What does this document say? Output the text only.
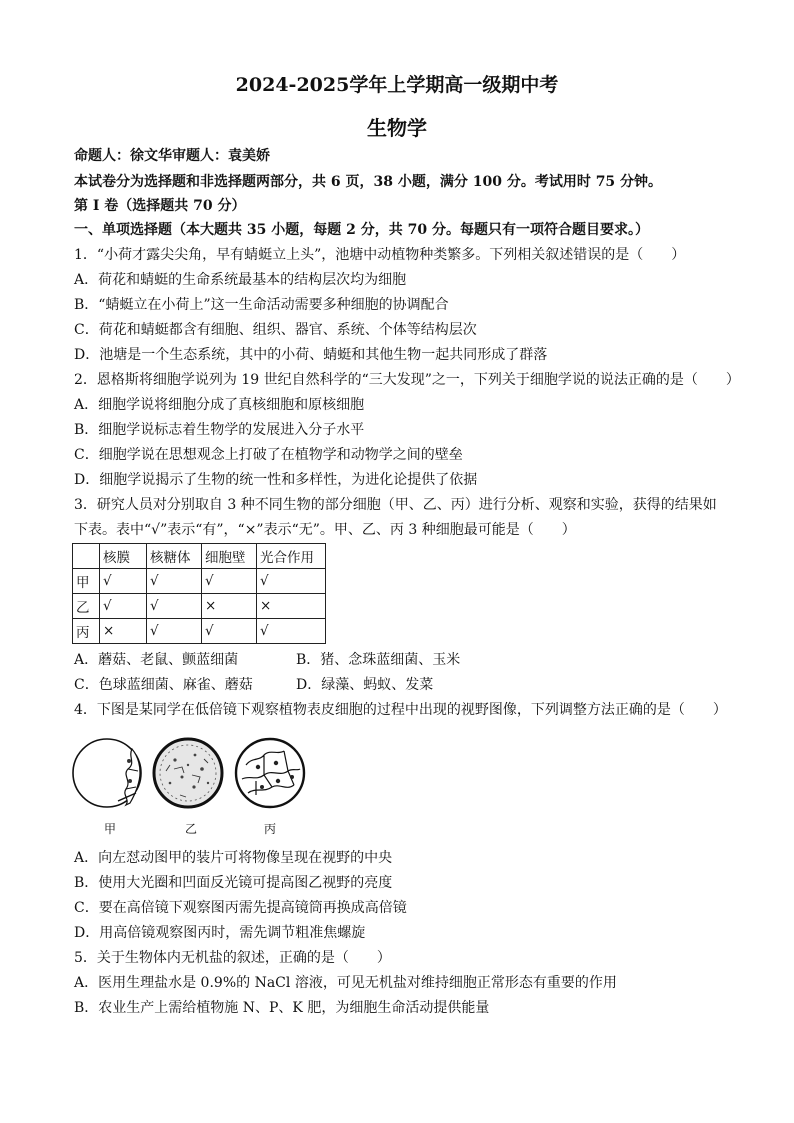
2024-2025学年上学期高一级期中考
生物学
命题人：徐文华审题人：袁美娇
本试卷分为选择题和非选择题两部分，共 6 页，38 小题，满分 100 分。考试用时 75 分钟。
第 I 卷（选择题共 70 分）
一、单项选择题（本大题共 35 小题，每题 2 分，共 70 分。每题只有一项符合题目要求。）
1．“小荷才露尖尖角，早有蜻蜓立上头”，池塘中动植物种类繁多。下列相关叙述错误的是（　　）
A．荷花和蜻蜓的生命系统最基本的结构层次均为细胞
B．“蜻蜓立在小荷上”这一生命活动需要多种细胞的协调配合
C．荷花和蜻蜓都含有细胞、组织、器官、系统、个体等结构层次
D．池塘是一个生态系统，其中的小荷、蜻蜓和其他生物一起共同形成了群落
2．恩格斯将细胞学说列为 19 世纪自然科学的“三大发现”之一，下列关于细胞学说的说法正确的是（　　）
A．细胞学说将细胞分成了真核细胞和原核细胞
B．细胞学说标志着生物学的发展进入分子水平
C．细胞学说在思想观念上打破了在植物学和动物学之间的壁垒
D．细胞学说揭示了生物的统一性和多样性，为进化论提供了依据
3．研究人员对分别取自 3 种不同生物的部分细胞（甲、乙、丙）进行分析、观察和实验，获得的结果如
下表。表中“√”表示“有”，“×”表示“无”。甲、乙、丙 3 种细胞最可能是（　　）
	核膜	核糖体	细胞壁	光合作用
甲	√	√	√	√
乙	√	√	×	×
丙	×	√	√	√
A．蘑菇、老鼠、颤蓝细菌	B．猪、念珠蓝细菌、玉米
C．色球蓝细菌、麻雀、蘑菇	D．绿藻、蚂蚁、发菜
4．下图是某同学在低倍镜下观察植物表皮细胞的过程中出现的视野图像，下列调整方法正确的是（　　）
甲	乙	丙
A．向左怼动图甲的装片可将物像呈现在视野的中央
B．使用大光圈和凹面反光镜可提高图乙视野的亮度
C．要在高倍镜下观察图丙需先提高镜筒再换成高倍镜
D．用高倍镜观察图丙时，需先调节粗准焦螺旋
5．关于生物体内无机盐的叙述，正确的是（　　）
A．医用生理盐水是 0.9%的 NaCl 溶液，可见无机盐对维持细胞正常形态有重要的作用
B．农业生产上需给植物施 N、P、K 肥，为细胞生命活动提供能量
